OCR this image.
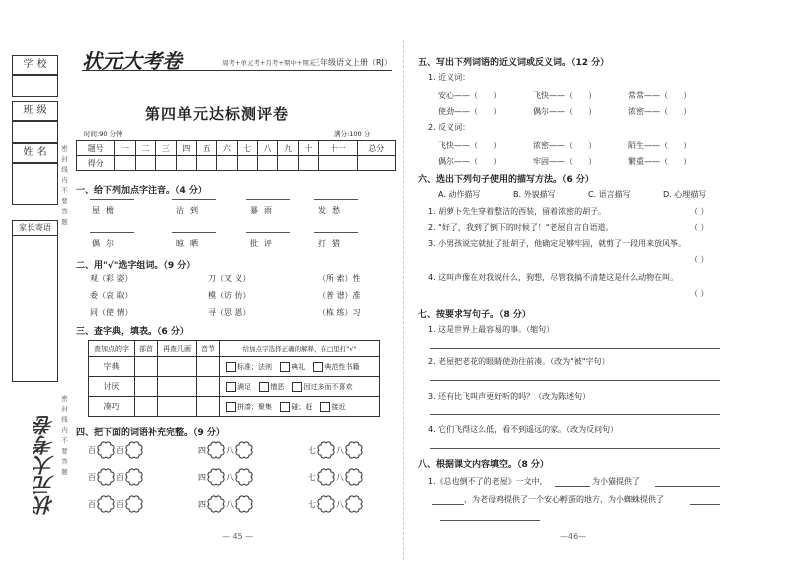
学 校
班 级
姓 名
家长寄语	密封线内不要答题
密封线内不要答题
状元大考卷
状元大考卷	周考+单元考+月考+期中+期末
三年级语文上册（RJ）
第四单元达标测评卷
时间:90 分钟	满分:100 分
题号	一	二	三	四	五	六	七	八	九	十	十一	总分
得分												
一、给下列加点字注音。（4 分）
屋檐	沾到	暴雨	发愁
偶尔	晾晒	批评	打猎
二、用"√"选字组词。（9 分）
观（彩 姿）	刀（叉 义）	（所 索）性
委（哀 取）	模（访 仿）	（普 谱）准
同（使 情）	寻（思 恩）	（栋 练）习
三、查字典，填表。（6 分）
查加点的字	部首	再查几画	音节	给加点字选择正确的解释，在□里打"√"
字典				标准；法则 典礼 典范性书籍
讨厌				满足 憎恶 因过多而不喜欢
凑巧				拼凑；聚集 碰；赶 接近
四、把下面的词语补充完整。（9 分）
百	百	四	八	七	八
百	百	四	八	七	八
百	百	四	八	七	八
— 45 —
五、写出下列词语的近义词或反义词。（12 分）
1. 近义词：
安心——（      ）	飞快——（      ）	常常——（      ）
使劲——（      ）	偶尔——（      ）	浓密——（      ）
2. 反义词：
飞快——（      ）	浓密——（      ）	陌生——（      ）
偶尔——（      ）	牢固——（      ）	繁重——（      ）
六、选出下列句子使用的描写方法。（6 分）
A. 动作描写	B. 外貌描写	C. 语言描写	D. 心理描写
1. 胡萝卜先生穿着整洁的西装，留着浓密的胡子。	（ ）
2. "好了，我到了倒下的时候了！"老屋自言自语道。	（ ）
3. 小男孩说完就扯了扯胡子，他确定足够牢固，就剪了一段用来放风筝。
（ ）
4. 这叫声像在对我说什么，狗想，尽管我搞不清楚这是什么动物在叫。
（ ）
七、按要求写句子。（8 分）
1. 这是世界上最容易的事。（缩句）
2. 老屋把老花的眼睛使劲往前凑。（改为"被"字句）
3. 还有比飞叫声更好听的吗？（改为陈述句）
4. 它们飞得这么低，看不到遥远的家。（改为反问句）
八、根据课文内容填空。（8 分）
1.《总也倒不了的老屋》一文中，	为小猫提供了
，为老母鸡提供了一个安心孵蛋的地方，为小蜘蛛提供了
—46—
